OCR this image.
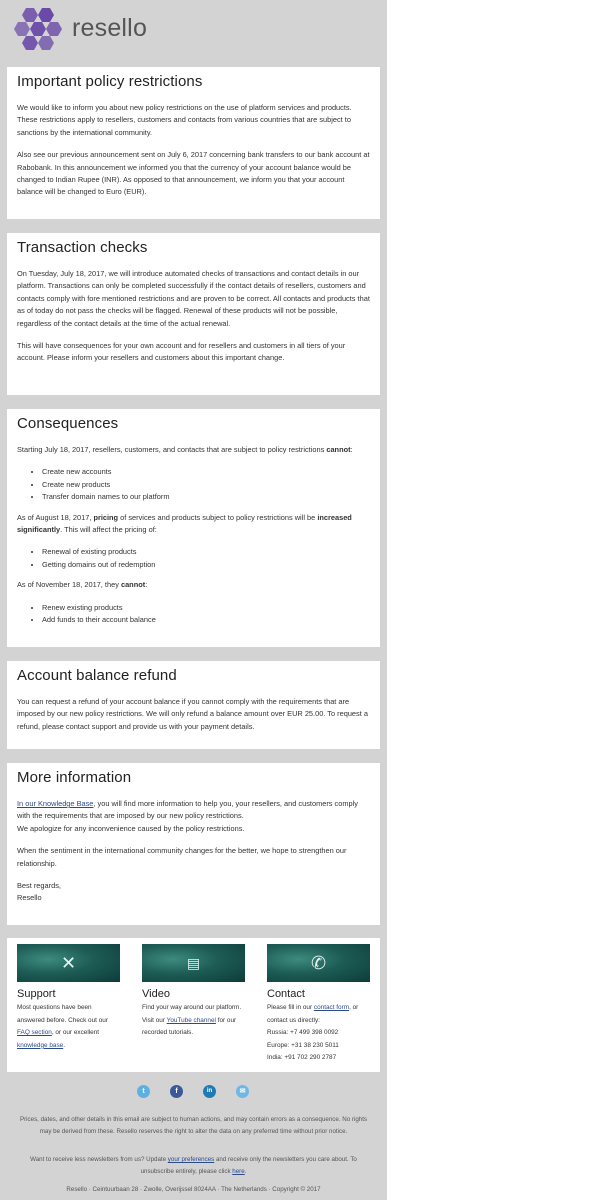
resello
Important policy restrictions

We would like to inform you about new policy restrictions on the use of platform services and products. These restrictions apply to resellers, customers and contacts from various countries that are subject to sanctions by the international community.

Also see our previous announcement sent on July 6, 2017 concerning bank transfers to our bank account at Rabobank. In this announcement we informed you that the currency of your account balance would be changed to Indian Rupee (INR). As opposed to that announcement, we inform you that your account balance will be changed to Euro (EUR).

Transaction checks

On Tuesday, July 18, 2017, we will introduce automated checks of transactions and contact details in our platform. Transactions can only be completed successfully if the contact details of resellers, customers and contacts comply with fore mentioned restrictions and are proven to be correct. All contacts and products that as of today do not pass the checks will be flagged. Renewal of these products will not be possible, regardless of the contact details at the time of the actual renewal.

This will have consequences for your own account and for resellers and customers in all tiers of your account. Please inform your resellers and customers about this important change.

Consequences

Starting July 18, 2017, resellers, customers, and contacts that are subject to policy restrictions cannot:

• Create new accounts
• Create new products
• Transfer domain names to our platform

As of August 18, 2017, pricing of services and products subject to policy restrictions will be increased significantly. This will affect the pricing of:

• Renewal of existing products
• Getting domains out of redemption

As of November 18, 2017, they cannot:

• Renew existing products
• Add funds to their account balance
Account balance refund

You can request a refund of your account balance if you cannot comply with the requirements that are imposed by our new policy restrictions. We will only refund a balance amount over EUR 25.00. To request a refund, please contact support and provide us with your payment details.

More information

In our Knowledge Base, you will find more information to help you, your resellers, and customers comply with the requirements that are imposed by our new policy restrictions.

We apologize for any inconvenience caused by the policy restrictions.

When the sentiment in the international community changes for the better, we hope to strengthen our relationship.

Best regards,
Resello

✕
Support

Most questions have been answered before. Check out our FAQ section, or our excellent knowledge base.

▤
Video

Find your way around our platform. Visit our YouTube channel for our recorded tutorials.

✆
Contact

Please fill in our contact form, or contact us directly:
Russia: +7 499 398 0092
Europe: +31 38 230 5011
India: +91 702 290 2787

t	f	in	✉
Prices, dates, and other details in this email are subject to human actions, and may contain errors as a consequence. No rights may be derived from these. Resello reserves the right to alter the data on any preferred time without prior notice.
Want to receive less newsletters from us? Update your preferences and receive only the newsletters you care about. To unsubscribe entirely, please click here.
Resello · Ceintuurbaan 28 · Zwolle, Overijssel 8024AA · The Netherlands · Copyright © 2017
